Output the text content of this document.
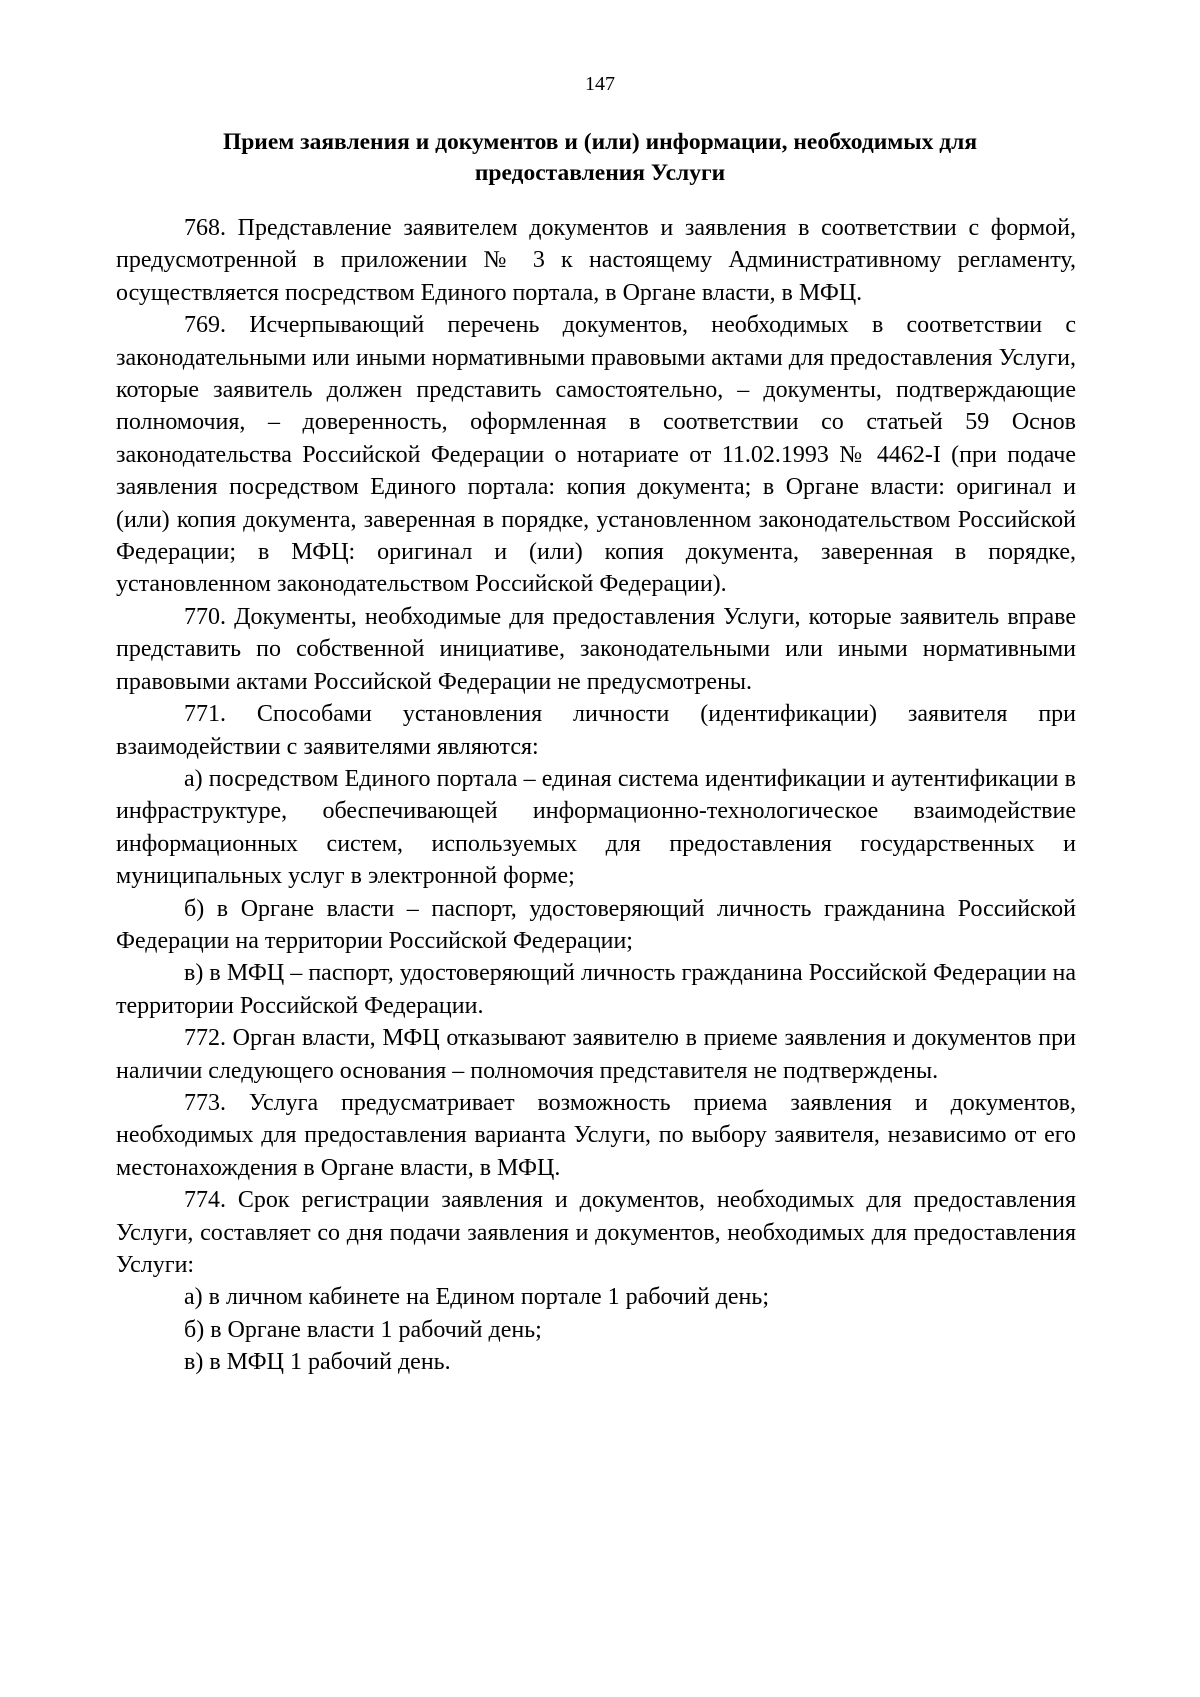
147
Прием заявления и документов и (или) информации, необходимых для предоставления Услуги

768. Представление заявителем документов и заявления в соответствии с формой, предусмотренной в приложении № 3 к настоящему Административному регламенту, осуществляется посредством Единого портала, в Органе власти, в МФЦ.

769. Исчерпывающий перечень документов, необходимых в соответствии с законодательными или иными нормативными правовыми актами для предоставления Услуги, которые заявитель должен представить самостоятельно, – документы, подтверждающие полномочия, – доверенность, оформленная в соответствии со статьей 59 Основ законодательства Российской Федерации о нотариате от 11.02.1993 № 4462-I (при подаче заявления посредством Единого портала: копия документа; в Органе власти: оригинал и (или) копия документа, заверенная в порядке, установленном законодательством Российской Федерации; в МФЦ: оригинал и (или) копия документа, заверенная в порядке, установленном законодательством Российской Федерации).

770. Документы, необходимые для предоставления Услуги, которые заявитель вправе представить по собственной инициативе, законодательными или иными нормативными правовыми актами Российской Федерации не предусмотрены.

771. Способами установления личности (идентификации) заявителя при взаимодействии с заявителями являются:

а) посредством Единого портала – единая система идентификации и аутентификации в инфраструктуре, обеспечивающей информационно-технологическое взаимодействие информационных систем, используемых для предоставления государственных и муниципальных услуг в электронной форме;

б) в Органе власти – паспорт, удостоверяющий личность гражданина Российской Федерации на территории Российской Федерации;

в) в МФЦ – паспорт, удостоверяющий личность гражданина Российской Федерации на территории Российской Федерации.

772. Орган власти, МФЦ отказывают заявителю в приеме заявления и документов при наличии следующего основания – полномочия представителя не подтверждены.

773. Услуга предусматривает возможность приема заявления и документов, необходимых для предоставления варианта Услуги, по выбору заявителя, независимо от его местонахождения в Органе власти, в МФЦ.

774. Срок регистрации заявления и документов, необходимых для предоставления Услуги, составляет со дня подачи заявления и документов, необходимых для предоставления Услуги:

а) в личном кабинете на Едином портале 1 рабочий день;

б) в Органе власти 1 рабочий день;

в) в МФЦ 1 рабочий день.
